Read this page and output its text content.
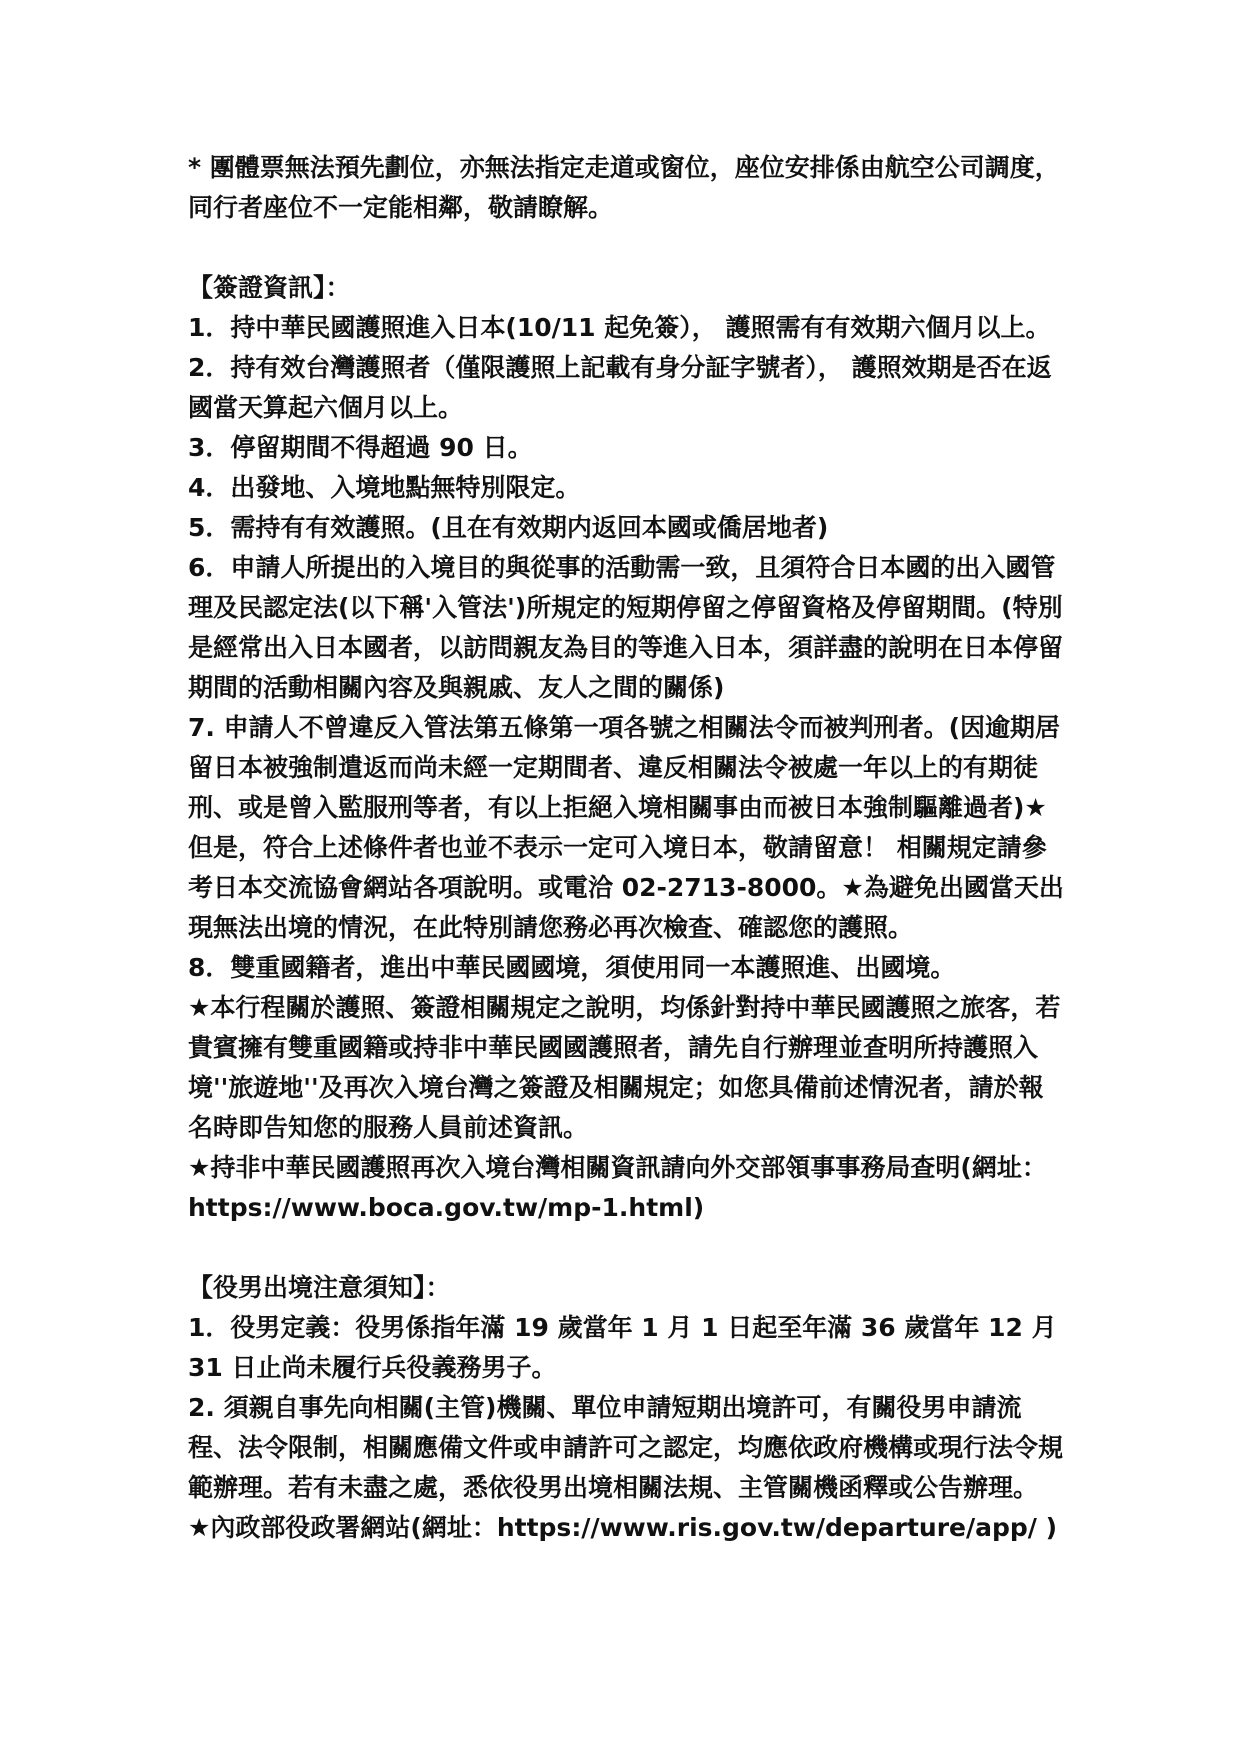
* 團體票無法預先劃位，亦無法指定走道或窗位，座位安排係由航空公司調度，同行者座位不一定能相鄰，敬請瞭解。

【簽證資訊】：

1．持中華民國護照進入日本(10/11 起免簽）， 護照需有有效期六個月以上。

2．持有效台灣護照者（僅限護照上記載有身分証字號者）， 護照效期是否在返國當天算起六個月以上。

3．停留期間不得超過 90 日。

4．出發地、入境地點無特別限定。

5．需持有有效護照。(且在有效期内返回本國或僑居地者)

6．申請人所提出的入境目的與從事的活動需一致，且須符合日本國的出入國管理及民認定法(以下稱'入管法')所規定的短期停留之停留資格及停留期間。(特別是經常出入日本國者，以訪問親友為目的等進入日本，須詳盡的說明在日本停留期間的活動相關內容及與親戚、友人之間的關係)

7. 申請人不曾違反入管法第五條第一項各號之相關法令而被判刑者。(因逾期居留日本被強制遣返而尚未經一定期間者、違反相關法令被處一年以上的有期徒刑、或是曾入監服刑等者，有以上拒絕入境相關事由而被日本強制驅離過者)★但是，符合上述條件者也並不表示一定可入境日本，敬請留意！ 相關規定請參考日本交流協會網站各項說明。或電洽 02-2713-8000。★為避免出國當天出現無法出境的情況，在此特別請您務必再次檢查、確認您的護照。

8．雙重國籍者，進出中華民國國境，須使用同一本護照進、出國境。

★本行程關於護照、簽證相關規定之說明，均係針對持中華民國護照之旅客，若貴賓擁有雙重國籍或持非中華民國國護照者，請先自行辦理並查明所持護照入境''旅遊地''及再次入境台灣之簽證及相關規定；如您具備前述情況者，請於報名時即告知您的服務人員前述資訊。

★持非中華民國護照再次入境台灣相關資訊請向外交部領事事務局查明(網址：https://www.boca.gov.tw/mp-1.html)

【役男出境注意須知】：

1．役男定義：役男係指年滿 19 歲當年 1 月 1 日起至年滿 36 歲當年 12 月 31 日止尚未履行兵役義務男子。

2. 須親自事先向相關(主管)機關、單位申請短期出境許可，有關役男申請流程、法令限制，相關應備文件或申請許可之認定，均應依政府機構或現行法令規範辦理。若有未盡之處，悉依役男出境相關法規、主管關機函釋或公告辦理。

★內政部役政署網站(網址：https://www.ris.gov.tw/departure/app/ )
